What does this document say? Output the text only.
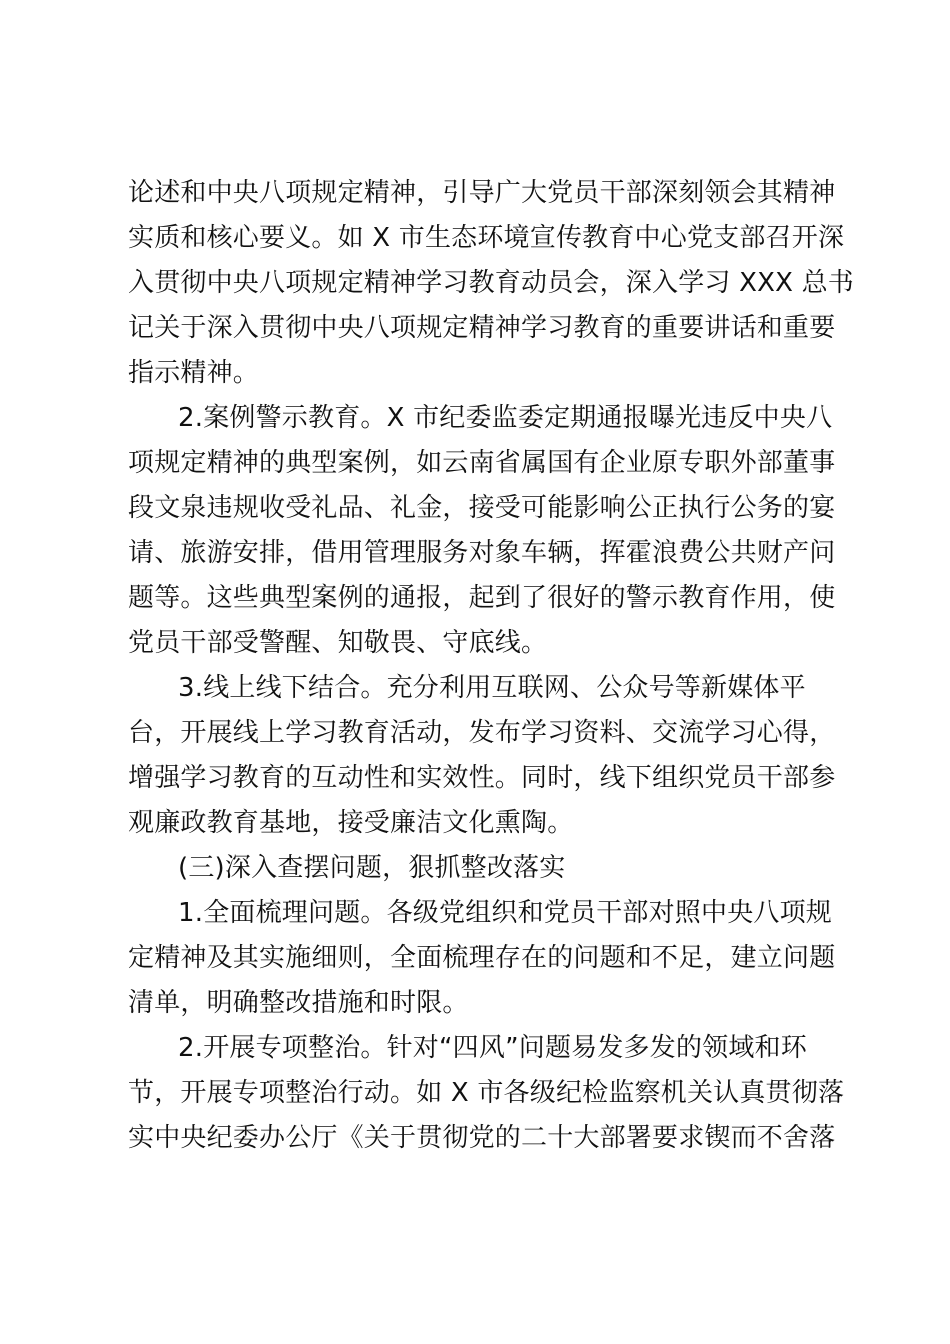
论述和中央八项规定精神，引导广大党员干部深刻领会其精神
实质和核心要义。如 X 市生态环境宣传教育中心党支部召开深
入贯彻中央八项规定精神学习教育动员会，深入学习 XXX 总书
记关于深入贯彻中央八项规定精神学习教育的重要讲话和重要
指示精神。
2.案例警示教育。X 市纪委监委定期通报曝光违反中央八
项规定精神的典型案例，如云南省属国有企业原专职外部董事
段文泉违规收受礼品、礼金，接受可能影响公正执行公务的宴
请、旅游安排，借用管理服务对象车辆，挥霍浪费公共财产问
题等。这些典型案例的通报，起到了很好的警示教育作用，使
党员干部受警醒、知敬畏、守底线。
3.线上线下结合。充分利用互联网、公众号等新媒体平
台，开展线上学习教育活动，发布学习资料、交流学习心得，
增强学习教育的互动性和实效性。同时，线下组织党员干部参
观廉政教育基地，接受廉洁文化熏陶。
(三)深入查摆问题，狠抓整改落实
1.全面梳理问题。各级党组织和党员干部对照中央八项规
定精神及其实施细则，全面梳理存在的问题和不足，建立问题
清单，明确整改措施和时限。
2.开展专项整治。针对“四风”问题易发多发的领域和环
节，开展专项整治行动。如 X 市各级纪检监察机关认真贯彻落
实中央纪委办公厅《关于贯彻党的二十大部署要求锲而不舍落
